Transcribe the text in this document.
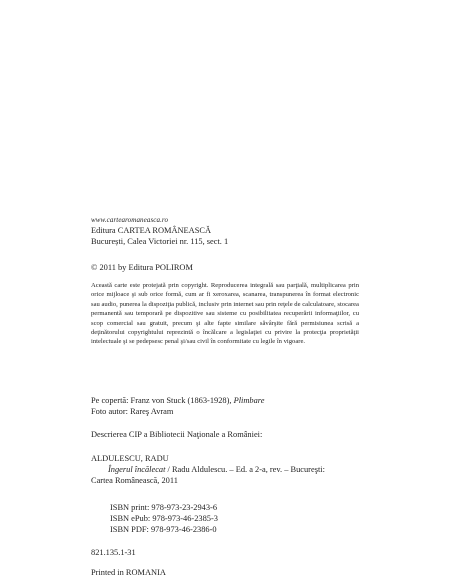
www.cartearomaneasca.ro
Editura CARTEA ROMÂNEASCĂ
București, Calea Victoriei nr. 115, sect. 1
© 2011 by Editura POLIROM

Această carte este protejată prin copyright. Reproducerea integrală sau parţială, multiplicarea prin orice mijloace şi sub orice formă, cum ar fi xeroxarea, scanarea, transpunerea în format electronic sau audio, punerea la dispoziţia publică, inclusiv prin internet sau prin reţele de calculatoare, stocarea permanentă sau temporară pe dispozitive sau sisteme cu posibilitatea recuperării informaţiilor, cu scop comercial sau gratuit, precum şi alte fapte similare săvârşite fără permisiunea scrisă a deţinătorului copyrightului reprezintă o încălcare a legislaţiei cu privire la protecţia proprietăţii intelectuale şi se pedepsesc penal şi/sau civil în conformitate cu legile în vigoare.

Pe copertă: Franz von Stuck (1863-1928), Plimbare
Foto autor: Rareş Avram
Descrierea CIP a Bibliotecii Naţionale a României:
ALDULESCU, RADU
Îngerul încălecat / Radu Aldulescu. – Ed. a 2-a, rev. – Bucureşti:
Cartea Românească, 2011
ISBN print: 978-973-23-2943-6
ISBN ePub: 978-973-46-2385-3
ISBN PDF: 978-973-46-2386-0
821.135.1-31
Printed in ROMANIA
